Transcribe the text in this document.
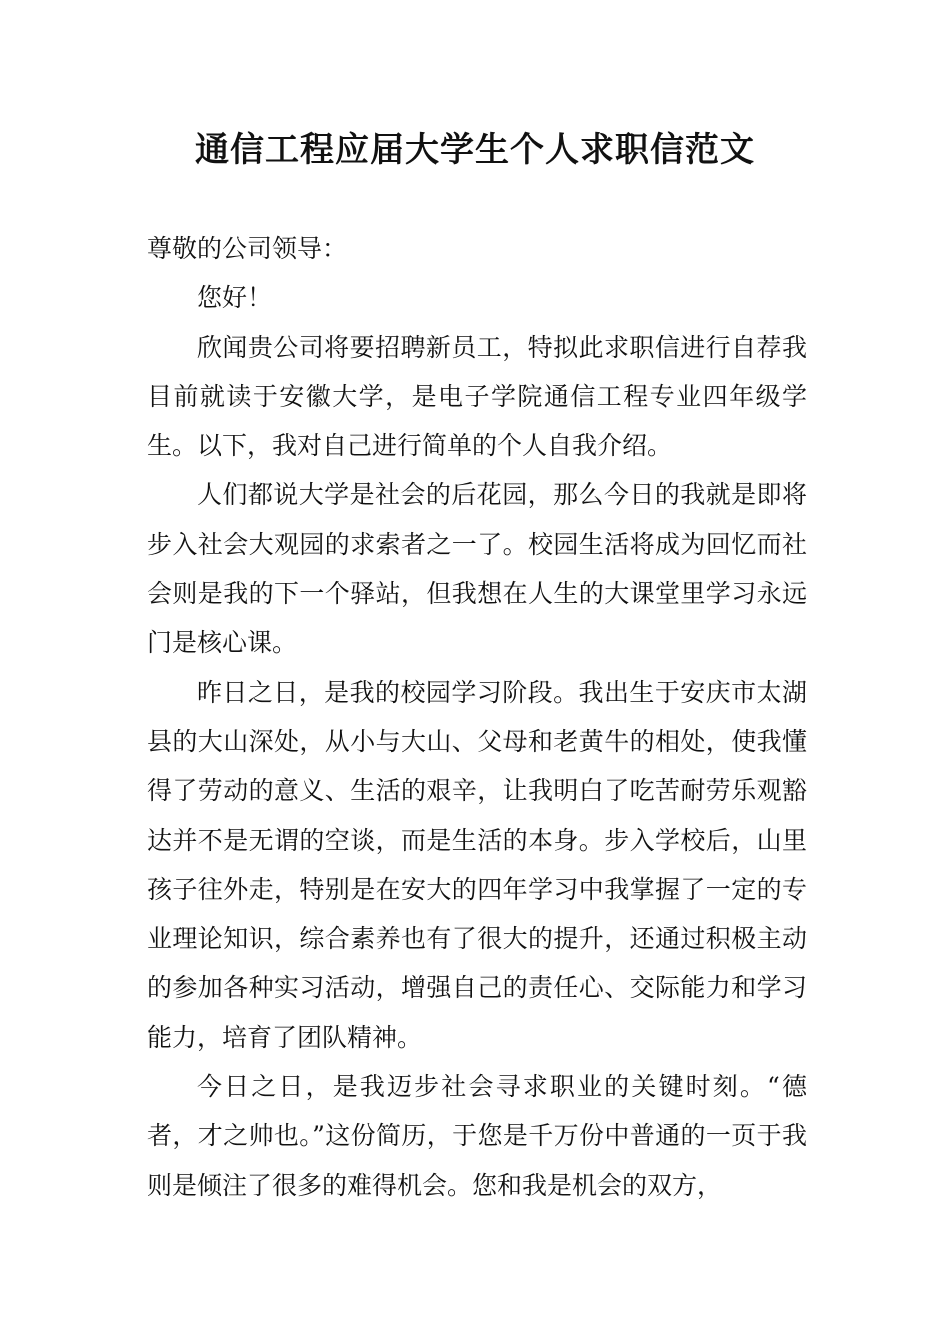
通信工程应届大学生个人求职信范文

尊敬的公司领导：

您好！

欣闻贵公司将要招聘新员工，特拟此求职信进行自荐我目前就读于安徽大学，是电子学院通信工程专业四年级学生。以下，我对自己进行简单的个人自我介绍。

人们都说大学是社会的后花园，那么今日的我就是即将步入社会大观园的求索者之一了。校园生活将成为回忆而社会则是我的下一个驿站，但我想在人生的大课堂里学习永远门是核心课。

昨日之日，是我的校园学习阶段。我出生于安庆市太湖县的大山深处，从小与大山、父母和老黄牛的相处，使我懂得了劳动的意义、生活的艰辛，让我明白了吃苦耐劳乐观豁达并不是无谓的空谈，而是生活的本身。步入学校后，山里孩子往外走，特别是在安大的四年学习中我掌握了一定的专业理论知识，综合素养也有了很大的提升，还通过积极主动的参加各种实习活动，增强自己的责任心、交际能力和学习能力，培育了团队精神。

今日之日，是我迈步社会寻求职业的关键时刻。“德者，才之帅也。”这份简历，于您是千万份中普通的一页于我则是倾注了很多的难得机会。您和我是机会的双方，
